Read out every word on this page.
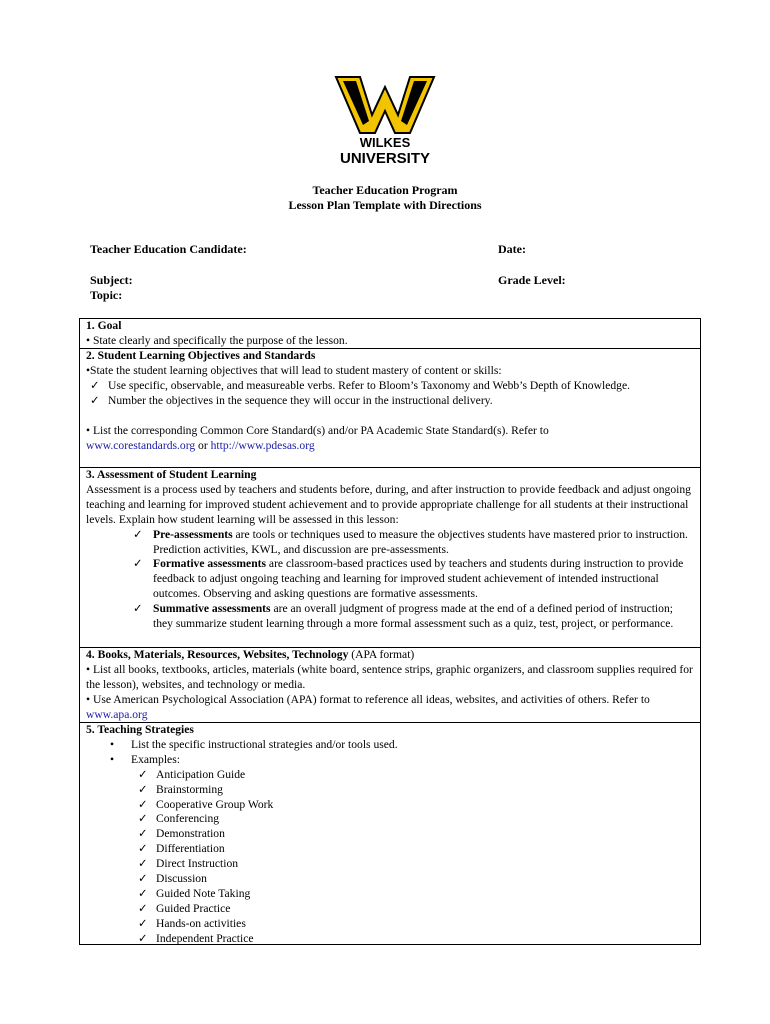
WILKES
UNIVERSITY
Teacher Education Program
Lesson Plan Template with Directions
Teacher Education Candidate:	Date:
Subject:	Grade Level:
Topic:
1. Goal
• State clearly and specifically the purpose of the lesson.
2. Student Learning Objectives and Standards
•State the student learning objectives that will lead to student mastery of content or skills:
✓ Use specific, observable, and measureable verbs. Refer to Bloom’s Taxonomy and Webb’s Depth of Knowledge.
✓ Number the objectives in the sequence they will occur in the instructional delivery.
• List the corresponding Common Core Standard(s) and/or PA Academic State Standard(s). Refer to
www.corestandards.org or http://www.pdesas.org
3. Assessment of Student Learning
Assessment is a process used by teachers and students before, during, and after instruction to provide feedback and adjust ongoing teaching and learning for improved student achievement and to provide appropriate challenge for all students at their instructional levels. Explain how student learning will be assessed in this lesson:
✓ Pre-assessments are tools or techniques used to measure the objectives students have mastered prior to instruction. Prediction activities, KWL, and discussion are pre-assessments.
✓ Formative assessments are classroom-based practices used by teachers and students during instruction to provide feedback to adjust ongoing teaching and learning for improved student achievement of intended instructional outcomes. Observing and asking questions are formative assessments.
✓ Summative assessments are an overall judgment of progress made at the end of a defined period of instruction; they summarize student learning through a more formal assessment such as a quiz, test, project, or performance.
4. Books, Materials, Resources, Websites, Technology (APA format)
• List all books, textbooks, articles, materials (white board, sentence strips, graphic organizers, and classroom supplies required for the lesson), websites, and technology or media.
• Use American Psychological Association (APA) format to reference all ideas, websites, and activities of others. Refer to www.apa.org
5. Teaching Strategies
• List the specific instructional strategies and/or tools used.
• Examples:
✓ Anticipation Guide
✓ Brainstorming
✓ Cooperative Group Work
✓ Conferencing
✓ Demonstration
✓ Differentiation
✓ Direct Instruction
✓ Discussion
✓ Guided Note Taking
✓ Guided Practice
✓ Hands-on activities
✓ Independent Practice
